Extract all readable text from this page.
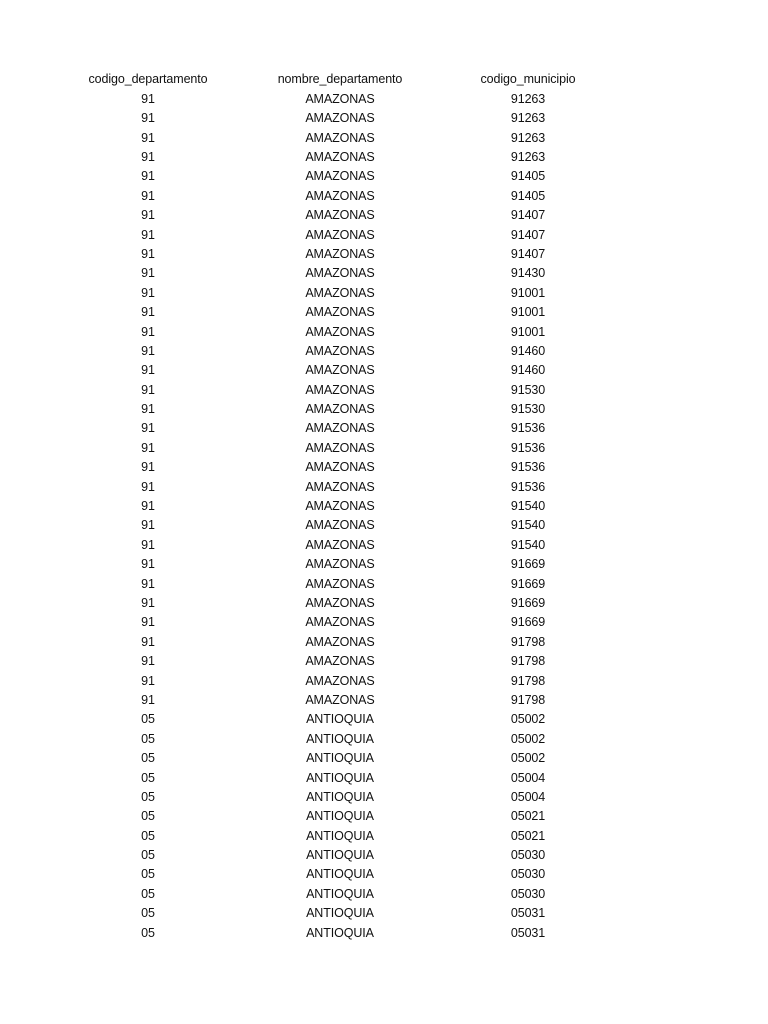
codigo_departamento	nombre_departamento	codigo_municipio
91	AMAZONAS	91263
91	AMAZONAS	91263
91	AMAZONAS	91263
91	AMAZONAS	91263
91	AMAZONAS	91405
91	AMAZONAS	91405
91	AMAZONAS	91407
91	AMAZONAS	91407
91	AMAZONAS	91407
91	AMAZONAS	91430
91	AMAZONAS	91001
91	AMAZONAS	91001
91	AMAZONAS	91001
91	AMAZONAS	91460
91	AMAZONAS	91460
91	AMAZONAS	91530
91	AMAZONAS	91530
91	AMAZONAS	91536
91	AMAZONAS	91536
91	AMAZONAS	91536
91	AMAZONAS	91536
91	AMAZONAS	91540
91	AMAZONAS	91540
91	AMAZONAS	91540
91	AMAZONAS	91669
91	AMAZONAS	91669
91	AMAZONAS	91669
91	AMAZONAS	91669
91	AMAZONAS	91798
91	AMAZONAS	91798
91	AMAZONAS	91798
91	AMAZONAS	91798
05	ANTIOQUIA	05002
05	ANTIOQUIA	05002
05	ANTIOQUIA	05002
05	ANTIOQUIA	05004
05	ANTIOQUIA	05004
05	ANTIOQUIA	05021
05	ANTIOQUIA	05021
05	ANTIOQUIA	05030
05	ANTIOQUIA	05030
05	ANTIOQUIA	05030
05	ANTIOQUIA	05031
05	ANTIOQUIA	05031
